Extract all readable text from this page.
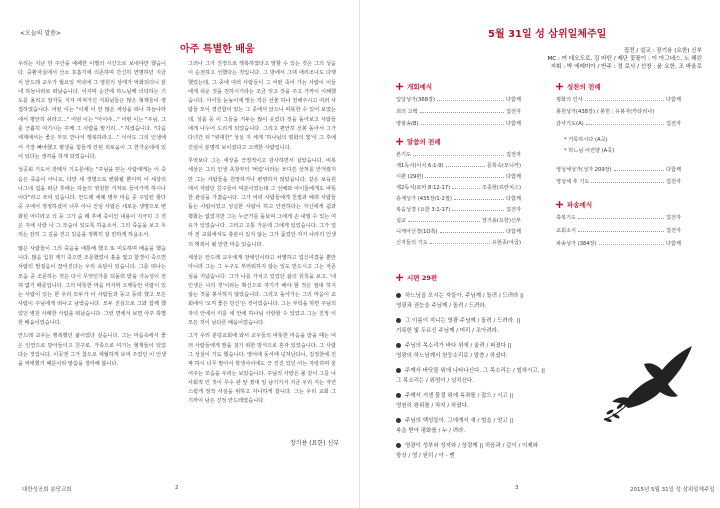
<오늘의 말씀>
아주 특별한 배움

우리는 지난 한 주간을 예쌔한 이별의 시간으로 보내야만 했습니다. 중환자실에서 산소 호흡기에 의존하며 간신히 연명하던 지금식 안드레 교우가 월요일 저녁에 그 영원의 상태가 악화되더니 끝내 하늘나라로 떠났습니다. 이지막 순간에 하느님께 의탁하는 기도를 올리고 잠자듯 지자 마쳐가신 지회님들은 많은 형제들이 영접하였습니다. 어떤 이는 "이제 이 한 많은 세상을 떠나 하늘나라에서 평안히 쉬라고…" 어떤 이는 "아이야…" 어떤 이는 "주님, 그를 긍휼히 여기시는 주께 그 사람을 맡기리…" 하였습니다. "다음 세계에서는 좋은 부모 만나서 행복하라고…" 이어도 그의 인생에서 가장 빠야했고 평생을 힘들게 안된 외로움이 그 한가운데에 있어 있다는 생각을 하게 되었습니다.

성공회 기도서 장례식 기도문에는 "주님을 믿는 사람에게는 이 죽음은 죽음이 아니요, 다만 새 생명으로 변화될 뿐이며 이 세상의 나그네 집을 떠난 후에는 하늘의 영원한 거처로 들어가게 하시나이다"라고 쓰여 있습니다. 안드레 세례 명부 마음 중 구입된 할다 중 구에서 정정하셨어 너무 아니 진심 사람은 새로운 생명으로 변화된 어디라고 의 등 그가 숨 떼 후에 죽이인 내용이 지극히 그 것은 지에 사랑 나 그 모습이 있도록 하옵소서. 그의 죽음을 보고 우리는 감히 그 길을 걷고 있음을 정확히 알 만하게 하옵소서.

많은 사람들이 그의 죽음을 애통해 했고 또 미도하며 배움을 했습니다. 많음 입원 계기 죽으면 조문했었이 흘을 빛고 함경이 죽으면 사람의 발걸음이 끊어진다는 우리 속담이 있습니다. 그를 떠나는 모습 중 조문하는 것은 다시 무엇인가를 되돌려 받을 가능성이 전혀 없기 때문입니다. 그의 따뜻한 마음 마지막 오랫동안 사람이 있는 사람이 있는 한 우리 모두가 이 사람들과 동고 동락 했고 모든 사람이 주님에게 떠나고 남았습니다. 모두 진심으로 그와 함께 했었던 병원 사례한 사람을 떠났습니다. 그런 면에서 보면 아주 특별한 배움이었습니다.

안드레 교우는 행복했던 삶이었다 싶습니다. 그는 마음속에서 좋은 인연으로 받아들이고 친구로, 가족으로 여기는 형제들이 있었다는 것입니다. 이곳엔 그가 참으로 세월하게 보여 주었던 이 인생을 억태했기 때문이라 말씀을 생각해 봅니다.

그러나 그가 진정으로 행복하였다고 말할 수 있는 것은 그의 성음이 순전하고 선했다는 것입니다. 그 방에서 그대 애리조나도 다행했었는데, 그 중에 여러 사람들이 그 어떤 죽어 가는 사람이 이들에게 쉬운 것을 전하시기라는 조금 잊고 것을 주고 가까이 이해했습니다. 아이들 눈높이에 맞는 작은 선물 하나 전해주시고 여러 사람들 모이 경건함이 있는 그 곳에서 앉으니 따뜻한 수 있어 보였는데, 성품 등 이 그들을 거두는 많이 웃었다 것을 돌아보고 사람들에게 나누어 드리게 되었습니다. 그리고 편안히 선봉 돌아서 그가 다녀간 뒤 "위대한" 성실 지 세게 '하나님의 평화의 빛'이 그 후에 진심이 분명히 보이셨다고 고백한 사람입니다.

무엇보다 그는 세상을 긍정적이고 감사하면서 살았습니다. 비록 세상은 그의 인생 초창부터 '버림'이라는 쓰디쓴 상처를 안겨줬지만 그는 사람들을 원망하거나 변명하지 않았습니다. 같은 보육원에서 자랐던 친구들이 덕분이었는데 그 선배와 아이들에게도 따뜻한 관심을 가졌습니다. 그가 여러 사람들에게 친절과 배려 사람들 돕는 사람이었고 성실한 사람이 하고 안전하다는 자신에게 쉼과 평화는 없었지만 그는 누군가를 돌보며 그에게 손 내밀 수 있는 여유가 있었습니다. 그리고 고통 가운데 그에게 있었습니다. 그가 얼마 전 교회에서도 충분이 있지 않는 그가 품었던 자기 나라의 인생의 행복이 될 만한 마음 있습니다.

세상은 안드레 교우에게 장애인이라고 차별하고 업신여겼을 뿐만 아니라 그는 그 누구도 부러워하지 않는 일도 만드시고 그는 자존심을 지녔습니다. 그가 나를 가치고 있었던 삶의 원칙을 보고, '내 인생은 나의 것'이라는 확신으로 자기가 해야 할 것은 절대 하지 않는 것을 봉사하지 않았습니다. 그리고 돌아가는 그의 마음이 교회에서 '오직 좋은 당신'은 것이었습니다. 그는 부탁을 하면 주님의 자녀 안에서 미를 세 안에 하나님 사랑할 수 있었고 그는 진정 이 모든 것이 남다른 배움이었습니다.

그가 우리 분당교회에 와서 교우들의 따뜻한 마음을 받을 때는 여러 사람들에게 말을 걸기 위한 방식으로 혼자 있었습니다. 그 사람 그 성실이 기도 했습니다. 영어에 동서에 넋처난다니, 김정찬에 진짜 하시 너무 말아서 학생사이에도 긍 진진 있던 아는 자랑하며 울어주는 모습을 우리는 보았습니다. 주님의 사랑은 불 같이 그를 나 사회적 인 것이 무수 관 앞 겠대 일 남기기서 지금 우리 지는 자연스럽게 정작 사실을 위하고 자나하게 합니다. 그는 우리 교회 그 기까이 남은 진정 안드레였습니다.

장기용 (요한) 신부
대한성공회 분당교회	2
5월 31일 성 삼위일체주일
집전 / 설교 : 장기용 (요한) 신부
MC : 여 데오도로, 김 마틴 / 제단 꽃꽂이 : 이 아그네스, 노 헤린
지휘 : 박 에레미아 / 반주 : 정 로사 / 선창 : 윤 요한, 조 바울로
개회예식
입당성가(368장)	다함께
죄의 고백	집전자
영광송(B)	다함께
말씀의 전례
본기도	집전자
제1독서(이사 6:1-9)	문희숙(모니카)
시편 (29편)	다함께
제2독서(로마 8:12-17)	조종현(프란치스)
층계성가 (435장/1-2절)	다함께
복음성경 (요한 3:1-17)	집전자
설교	장기용(요한)신부
니케아신경(1O쪽)	다함께
신자들의 기도	유현종(야곱)
성찬의 전례
평화의 인사	다함께
봉헌성가(438장) / 봉헌 : 유봉자(카타리나)
감사기도(A)	집전자
* 거룩하시다 (A곡)
* 하느님 어린양 (A곡)
영성체성가(성가 209장)	다함께
영성체 후 기도	집전자
파송예식
축복기도	집전자
교회소식	집전자
파송성가 (384장)	다함께
시편 29편
하느님을 모시는 자들아, 주님께 / 돌려 / 드려라 ||
영광과 권능을 주님께 / 돌려 / 드려라.
그 이름이 지니는 영광 주님께 / 돌려 / 드려라. ||
거룩한 빛 두르신 주님께 / 머리 / 조아려라.
주님의 목소리가 바다 위에 / 울려 / 퍼졌다 ||
영광의 하느님께서 천둥소리로 / 말씀 / 하셨다.
주께서 바닷물 위에 나타나신다. 그 목소리는 / 힘차시고. ||
그 목소리는 / 위엄이 / 넘치신다.
주께서 거센 물결 위에 옥좌를 / 잡으 / 시고 ||
영원히 왕위를 / 차지 / 하셨다.
주님의 백성들아, 그에게서 새 / 힘을 / 얻고 ||
복을 받아 평화를 / 누 / 려라.
영광이 성부와 성자와 / 성령께 || 처음과 / 같이 / 이제와
항상 / 영 / 원히 / 아 - 멘
3	2015년 5월 31일 성 삼위일체주일
